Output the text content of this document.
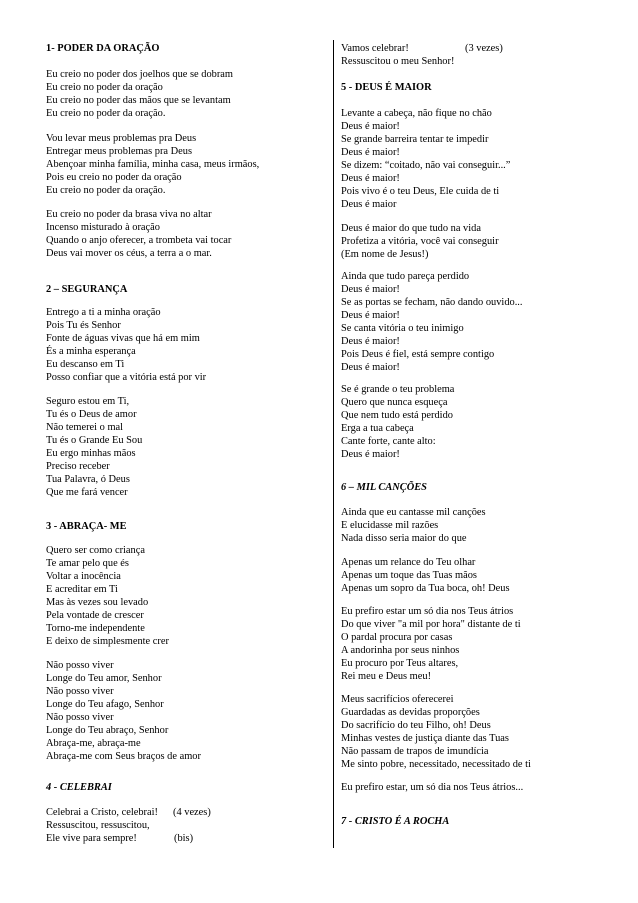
1- PODER DA ORAÇÃO
Eu creio no poder dos joelhos que se dobram
Eu creio no poder da oração
Eu creio no poder das mãos que se levantam
Eu creio no poder da oração.
Vou levar meus problemas pra Deus
Entregar meus problemas pra Deus
Abençoar minha família, minha casa, meus irmãos,
Pois eu creio no poder da oração
Eu creio no poder da oração.
Eu creio no poder da brasa viva no altar
Incenso misturado à oração
Quando o anjo oferecer, a trombeta vai tocar
Deus vai mover os céus, a terra a o mar.
2 – SEGURANÇA
Entrego a ti a minha oração
Pois Tu és Senhor
Fonte de águas vivas que há em mim
És a minha esperança
Eu descanso em Ti
Posso confiar que a vitória está por vir
Seguro estou em Ti,
Tu és o Deus de amor
Não temerei o mal
Tu és o Grande Eu Sou
Eu ergo minhas mãos
Preciso receber
Tua Palavra, ó Deus
Que me fará vencer
3 - ABRAÇA- ME
Quero ser como criança
Te amar pelo que és
Voltar a inocência
E acreditar em Ti
Mas às vezes sou levado
Pela vontade de crescer
Torno-me independente
E deixo de simplesmente crer
Não posso viver
Longe do Teu amor, Senhor
Não posso viver
Longe do Teu afago, Senhor
Não posso viver
Longe do Teu abraço, Senhor
Abraça-me, abraça-me
Abraça-me com Seus braços de amor
4 - CELEBRAI
Celebrai a Cristo, celebrai! (4 vezes)
Ressuscitou, ressuscitou,
Ele vive para sempre!	(bis)
Vamos celebrar!	(3 vezes)
Ressuscitou o meu Senhor!
5 - DEUS É MAIOR
Levante a cabeça, não fique no chão
Deus é maior!
Se grande barreira tentar te impedir
Deus é maior!
Se dizem: “coitado, não vai conseguir...”
Deus é maior!
Pois vivo é o teu Deus, Ele cuida de ti
Deus é maior
Deus é maior do que tudo na vida
Profetiza a vitória, você vai conseguir
(Em nome de Jesus!)
Ainda que tudo pareça perdido
Deus é maior!
Se as portas se fecham, não dando ouvido...
Deus é maior!
Se canta vitória o teu inimigo
Deus é maior!
Pois Deus é fiel, está sempre contigo
Deus é maior!
Se é grande o teu problema
Quero que nunca esqueça
Que nem tudo está perdido
Erga a tua cabeça
Cante forte, cante alto:
Deus é maior!
6 – MIL CANÇÕES
Ainda que eu cantasse mil canções
E elucidasse mil razões
Nada disso seria maior do que
Apenas um relance do Teu olhar
Apenas um toque das Tuas mãos
Apenas um sopro da Tua boca, oh! Deus
Eu prefiro estar um só dia nos Teus átrios
Do que viver "a mil por hora" distante de ti
O pardal procura por casas
A andorinha por seus ninhos
Eu procuro por Teus altares,
Rei meu e Deus meu!
Meus sacrifícios oferecerei
Guardadas as devidas proporções
Do sacrifício do teu Filho, oh! Deus
Minhas vestes de justiça diante das Tuas
Não passam de trapos de imundícia
Me sinto pobre, necessitado, necessitado de ti
Eu prefiro estar, um só dia nos Teus átrios...
7 - CRISTO É A ROCHA
